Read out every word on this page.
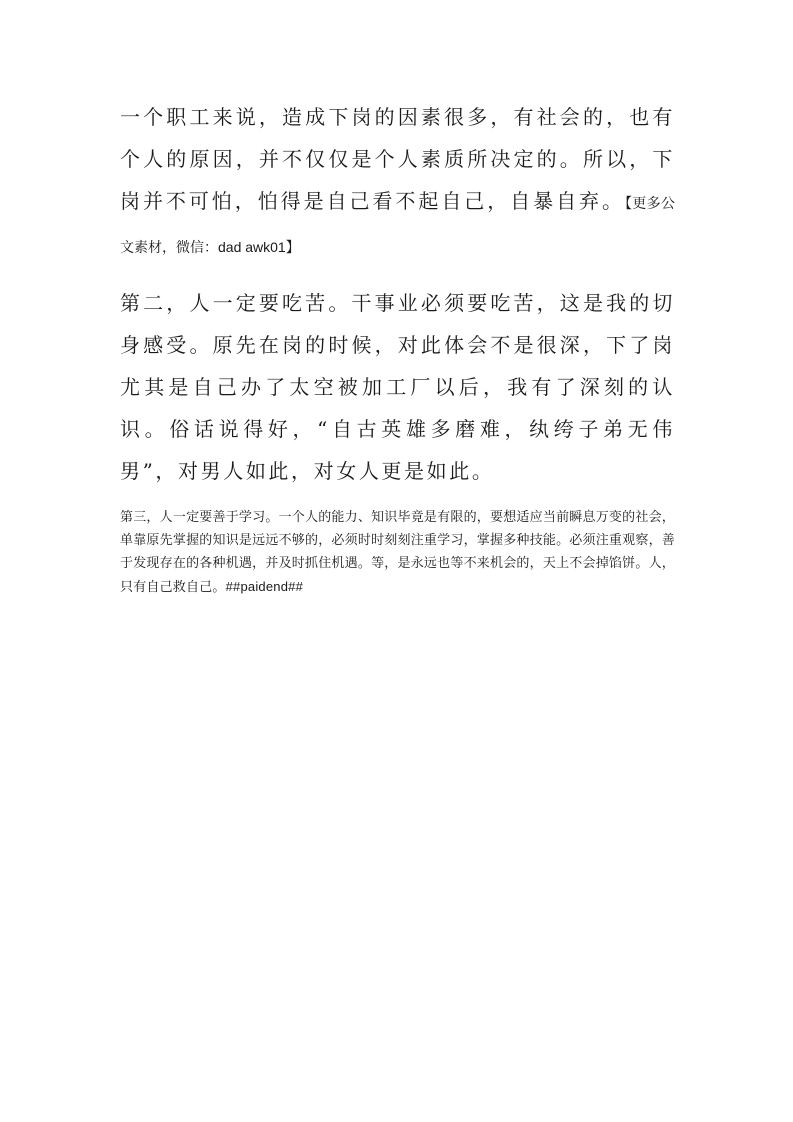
一个职工来说，造成下岗的因素很多，有社会的，也有个人的原因，并不仅仅是个人素质所决定的。所以，下岗并不可怕，怕得是自己看不起自己，自暴自弃。【更多公文素材，微信：dad awk01】

第二，人一定要吃苦。干事业必须要吃苦，这是我的切身感受。原先在岗的时候，对此体会不是很深，下了岗尤其是自己办了太空被加工厂以后，我有了深刻的认识。俗话说得好，“自古英雄多磨难，纨绔子弟无伟男”，对男人如此，对女人更是如此。

第三，人一定要善于学习。一个人的能力、知识毕竟是有限的，要想适应当前瞬息万变的社会，单靠原先掌握的知识是远远不够的，必须时时刻刻注重学习，掌握多种技能。必须注重观察，善于发现存在的各种机遇，并及时抓住机遇。等，是永远也等不来机会的，天上不会掉馅饼。人，只有自己救自己。##paidend##
